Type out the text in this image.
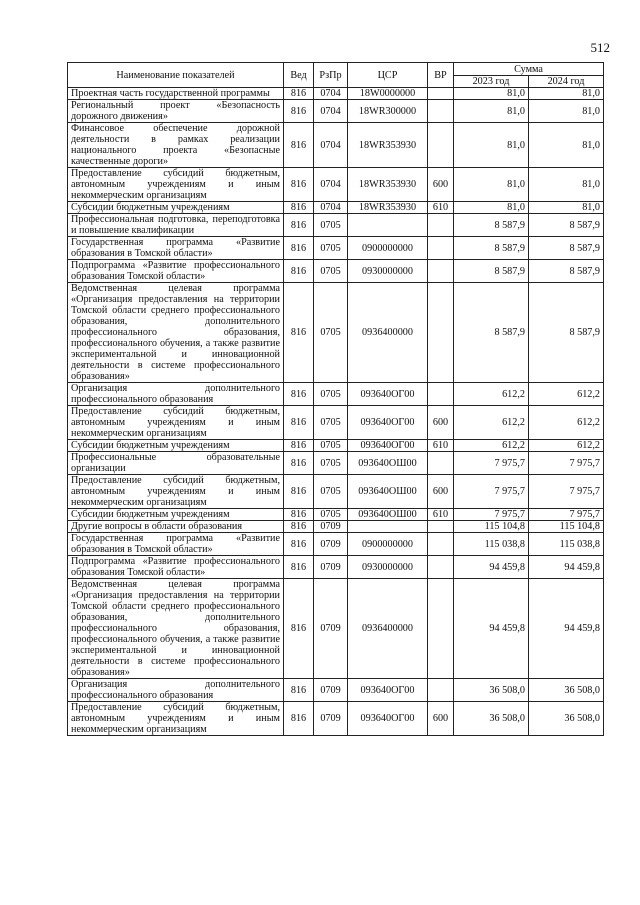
512
Наименование показателей	Вед	РзПр	ЦСР	ВР	Сумма	
					2023 год	2024 год
Проектная часть государственной программы	816	0704	18W0000000		81,0	81,0
Региональный проект «Безопасность дорожного движения»	816	0704	18WR300000		81,0	81,0
Финансовое обеспечение дорожной деятельности в рамках реализации национального проекта «Безопасные качественные дороги»	816	0704	18WR353930		81,0	81,0
Предоставление субсидий бюджетным, автономным учреждениям и иным некоммерческим организациям	816	0704	18WR353930	600	81,0	81,0
Субсидии бюджетным учреждениям	816	0704	18WR353930	610	81,0	81,0
Профессиональная подготовка, переподготовка и повышение квалификации	816	0705			8 587,9	8 587,9
Государственная программа «Развитие образования в Томской области»	816	0705	0900000000		8 587,9	8 587,9
Подпрограмма «Развитие профессионального образования Томской области»	816	0705	0930000000		8 587,9	8 587,9
Ведомственная целевая программа «Организация предоставления на территории Томской области среднего профессионального образования, дополнительного профессионального образования, профессионального обучения, а также развитие экспериментальной и инновационной деятельности в системе профессионального образования»	816	0705	0936400000		8 587,9	8 587,9
Организация дополнительного профессионального образования	816	0705	093640ОГ00		612,2	612,2
Предоставление субсидий бюджетным, автономным учреждениям и иным некоммерческим организациям	816	0705	093640ОГ00	600	612,2	612,2
Субсидии бюджетным учреждениям	816	0705	093640ОГ00	610	612,2	612,2
Профессиональные образовательные организации	816	0705	093640ОШ00		7 975,7	7 975,7
Предоставление субсидий бюджетным, автономным учреждениям и иным некоммерческим организациям	816	0705	093640ОШ00	600	7 975,7	7 975,7
Субсидии бюджетным учреждениям	816	0705	093640ОШ00	610	7 975,7	7 975,7
Другие вопросы в области образования	816	0709			115 104,8	115 104,8
Государственная программа «Развитие образования в Томской области»	816	0709	0900000000		115 038,8	115 038,8
Подпрограмма «Развитие профессионального образования Томской области»	816	0709	0930000000		94 459,8	94 459,8
Ведомственная целевая программа «Организация предоставления на территории Томской области среднего профессионального образования, дополнительного профессионального образования, профессионального обучения, а также развитие экспериментальной и инновационной деятельности в системе профессионального образования»	816	0709	0936400000		94 459,8	94 459,8
Организация дополнительного профессионального образования	816	0709	093640ОГ00		36 508,0	36 508,0
Предоставление субсидий бюджетным, автономным учреждениям и иным некоммерческим организациям	816	0709	093640ОГ00	600	36 508,0	36 508,0
